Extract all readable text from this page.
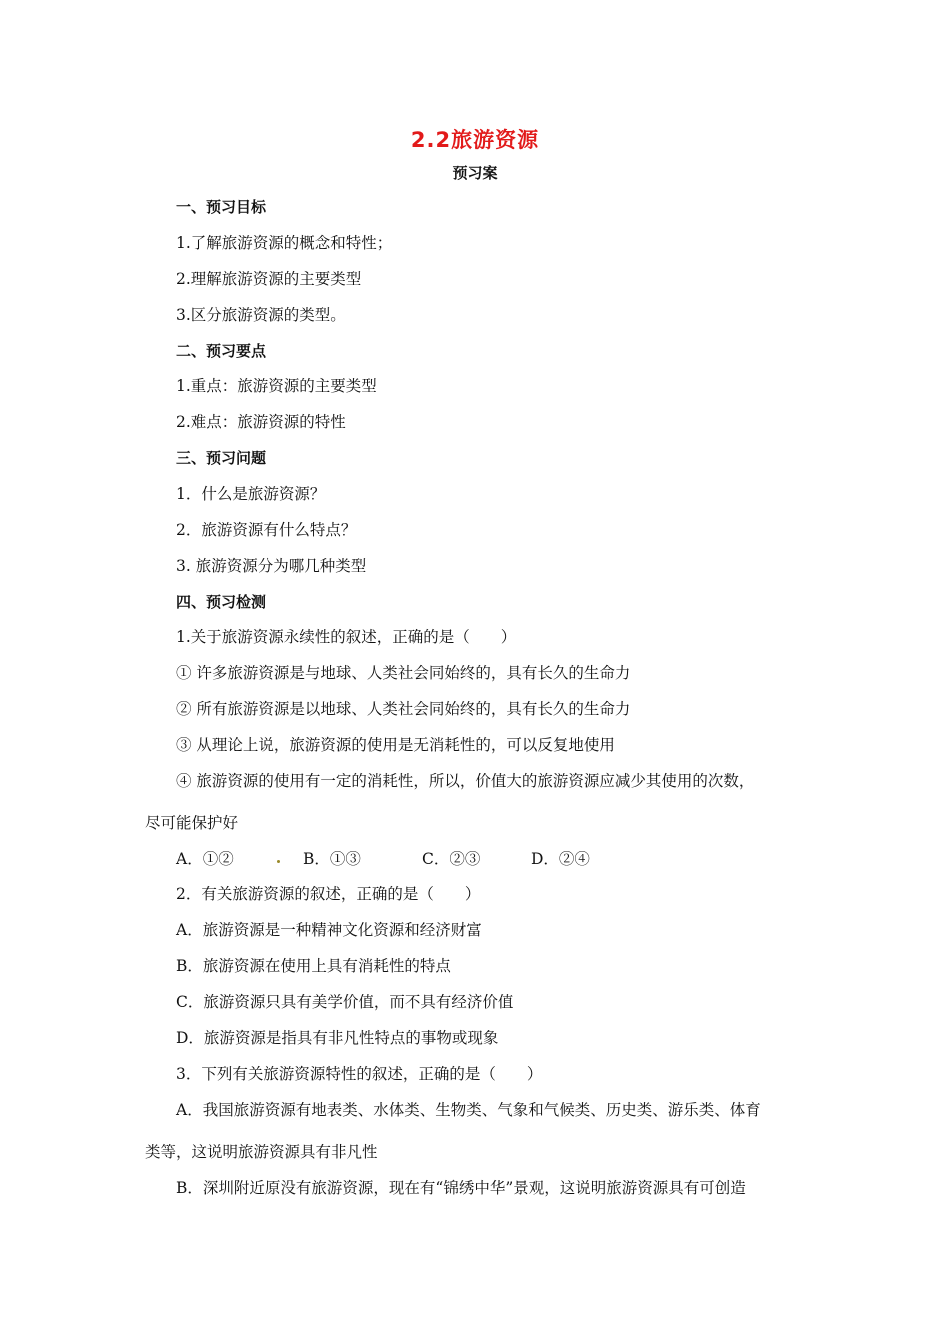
2.2旅游资源
预习案
一、预习目标
1.了解旅游资源的概念和特性；
2.理解旅游资源的主要类型
3.区分旅游资源的类型。
二、预习要点
1.重点：旅游资源的主要类型
2.难点：旅游资源的特性
三、预习问题
1．什么是旅游资源？
2．旅游资源有什么特点？
3. 旅游资源分为哪几种类型
四、预习检测
1.关于旅游资源永续性的叙述，正确的是（　　）
① 许多旅游资源是与地球、人类社会同始终的，具有长久的生命力
② 所有旅游资源是以地球、人类社会同始终的，具有长久的生命力
③ 从理论上说，旅游资源的使用是无消耗性的，可以反复地使用
④ 旅游资源的使用有一定的消耗性，所以，价值大的旅游资源应减少其使用的次数，
尽可能保护好
A．①②	B．①③	C．②③	D．②④
2．有关旅游资源的叙述，正确的是（　　）
A．旅游资源是一种精神文化资源和经济财富
B．旅游资源在使用上具有消耗性的特点
C．旅游资源只具有美学价值，而不具有经济价值
D．旅游资源是指具有非凡性特点的事物或现象
3．下列有关旅游资源特性的叙述，正确的是（　　）
A．我国旅游资源有地表类、水体类、生物类、气象和气候类、历史类、游乐类、体育
类等，这说明旅游资源具有非凡性
B．深圳附近原没有旅游资源，现在有“锦绣中华”景观，这说明旅游资源具有可创造
